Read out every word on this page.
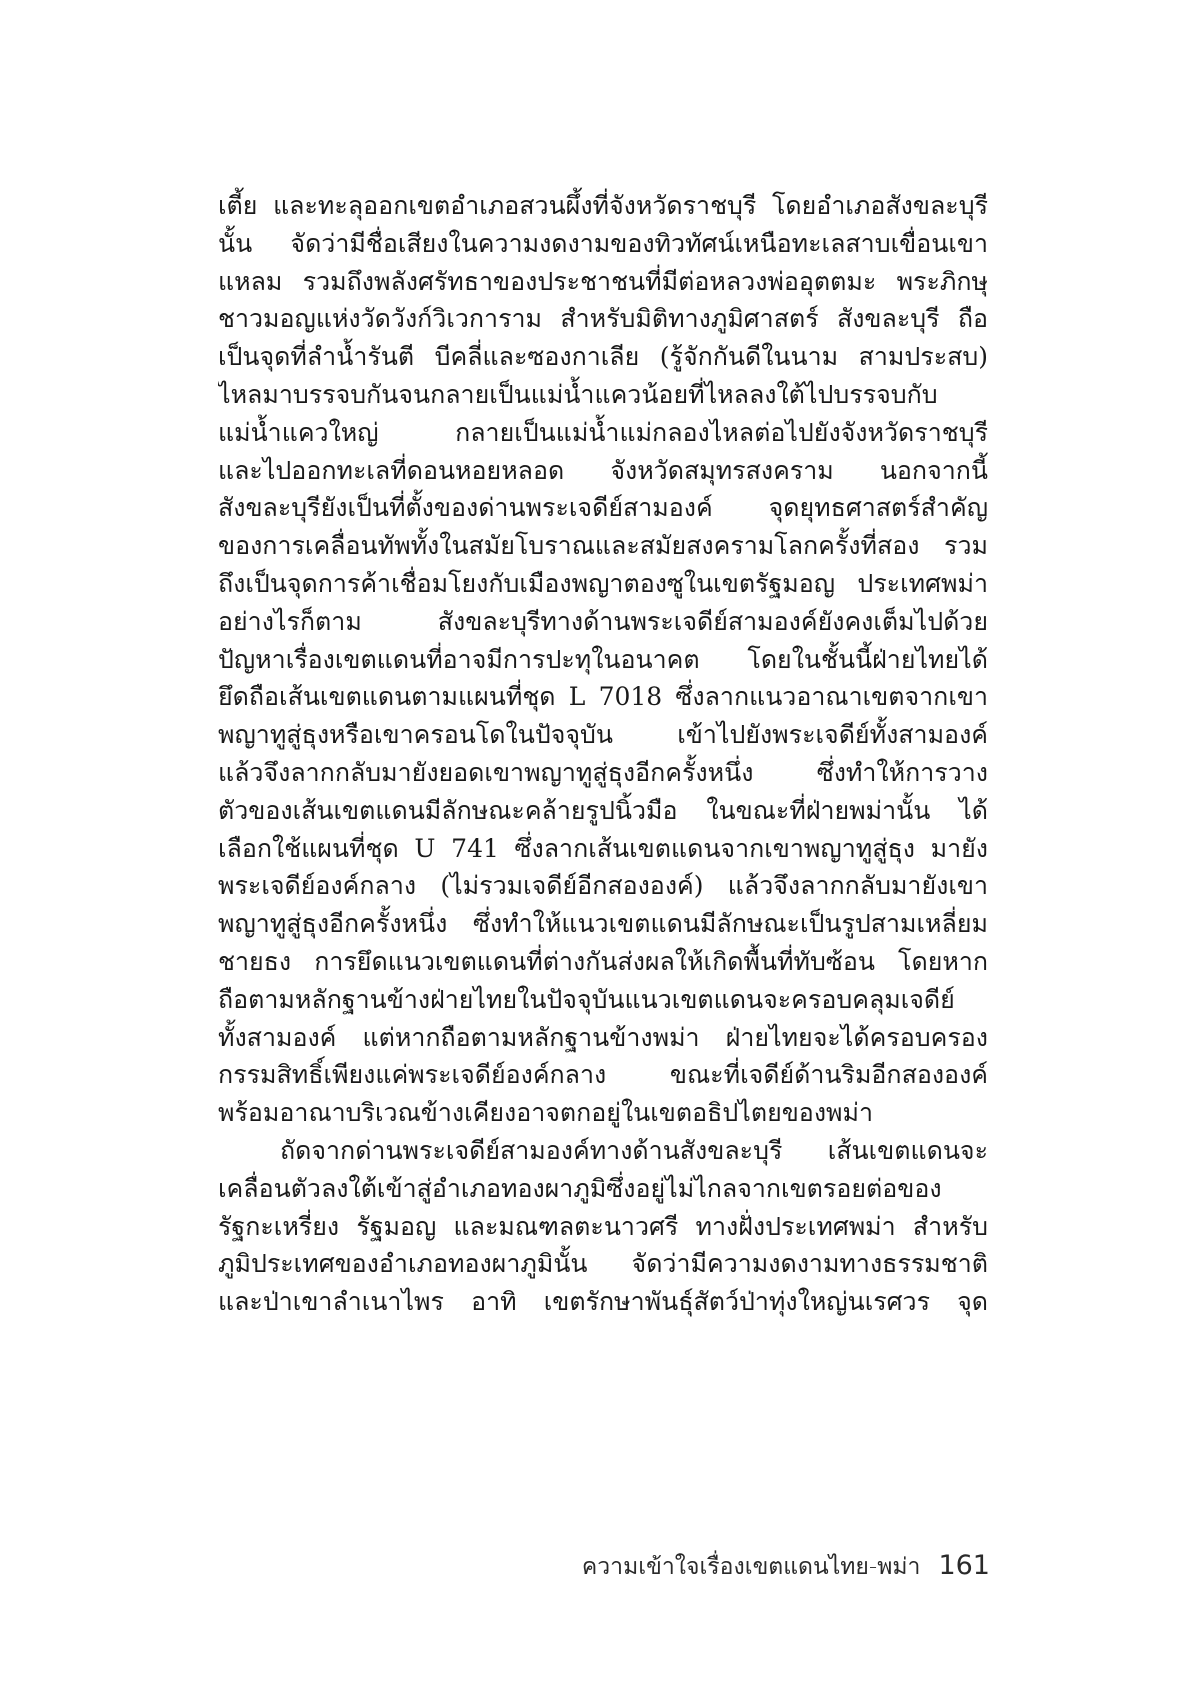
เตี้ย และทะลุออกเขตอำเภอสวนผึ้งที่จังหวัดราชบุรี โดยอำเภอสังขละบุรี
นั้น จัดว่ามีชื่อเสียงในความงดงามของทิวทัศน์เหนือทะเลสาบเขื่อนเขา
แหลม รวมถึงพลังศรัทธาของประชาชนที่มีต่อหลวงพ่ออุตตมะ พระภิกษุ
ชาวมอญแห่งวัดวังก์วิเวการาม สำหรับมิติทางภูมิศาสตร์ สังขละบุรี ถือ
เป็นจุดที่ลำน้ำรันตี บีคลี่และซองกาเลีย (รู้จักกันดีในนาม สามประสบ)
ไหลมาบรรจบกันจนกลายเป็นแม่น้ำแควน้อยที่ไหลลงใต้ไปบรรจบกับ
แม่น้ำแควใหญ่ กลายเป็นแม่น้ำแม่กลองไหลต่อไปยังจังหวัดราชบุรี
และไปออกทะเลที่ดอนหอยหลอด จังหวัดสมุทรสงคราม นอกจากนี้
สังขละบุรียังเป็นที่ตั้งของด่านพระเจดีย์สามองค์ จุดยุทธศาสตร์สำคัญ
ของการเคลื่อนทัพทั้งในสมัยโบราณและสมัยสงครามโลกครั้งที่สอง รวม
ถึงเป็นจุดการค้าเชื่อมโยงกับเมืองพญาตองซูในเขตรัฐมอญ ประเทศพม่า
อย่างไรก็ตาม สังขละบุรีทางด้านพระเจดีย์สามองค์ยังคงเต็มไปด้วย
ปัญหาเรื่องเขตแดนที่อาจมีการปะทุในอนาคต โดยในชั้นนี้ฝ่ายไทยได้
ยึดถือเส้นเขตแดนตามแผนที่ชุด L 7018 ซึ่งลากแนวอาณาเขตจากเขา
พญาทูสู่ธุงหรือเขาครอนโดในปัจจุบัน เข้าไปยังพระเจดีย์ทั้งสามองค์
แล้วจึงลากกลับมายังยอดเขาพญาทูสู่ธุงอีกครั้งหนึ่ง ซึ่งทำให้การวาง
ตัวของเส้นเขตแดนมีลักษณะคล้ายรูปนิ้วมือ ในขณะที่ฝ่ายพม่านั้น ได้
เลือกใช้แผนที่ชุด U 741 ซึ่งลากเส้นเขตแดนจากเขาพญาทูสู่ธุง มายัง
พระเจดีย์องค์กลาง (ไม่รวมเจดีย์อีกสององค์) แล้วจึงลากกลับมายังเขา
พญาทูสู่ธุงอีกครั้งหนึ่ง ซึ่งทำให้แนวเขตแดนมีลักษณะเป็นรูปสามเหลี่ยม
ชายธง การยึดแนวเขตแดนที่ต่างกันส่งผลให้เกิดพื้นที่ทับซ้อน โดยหาก
ถือตามหลักฐานข้างฝ่ายไทยในปัจจุบันแนวเขตแดนจะครอบคลุมเจดีย์
ทั้งสามองค์ แต่หากถือตามหลักฐานข้างพม่า ฝ่ายไทยจะได้ครอบครอง
กรรมสิทธิ์เพียงแค่พระเจดีย์องค์กลาง ขณะที่เจดีย์ด้านริมอีกสององค์
พร้อมอาณาบริเวณข้างเคียงอาจตกอยู่ในเขตอธิปไตยของพม่า
ถัดจากด่านพระเจดีย์สามองค์ทางด้านสังขละบุรี เส้นเขตแดนจะ
เคลื่อนตัวลงใต้เข้าสู่อำเภอทองผาภูมิซึ่งอยู่ไม่ไกลจากเขตรอยต่อของ
รัฐกะเหรี่ยง รัฐมอญ และมณฑลตะนาวศรี ทางฝั่งประเทศพม่า สำหรับ
ภูมิประเทศของอำเภอทองผาภูมินั้น จัดว่ามีความงดงามทางธรรมชาติ
และป่าเขาลำเนาไพร อาทิ เขตรักษาพันธุ์สัตว์ป่าทุ่งใหญ่นเรศวร จุด
ความเข้าใจเรื่องเขตแดนไทย-พม่า 161
